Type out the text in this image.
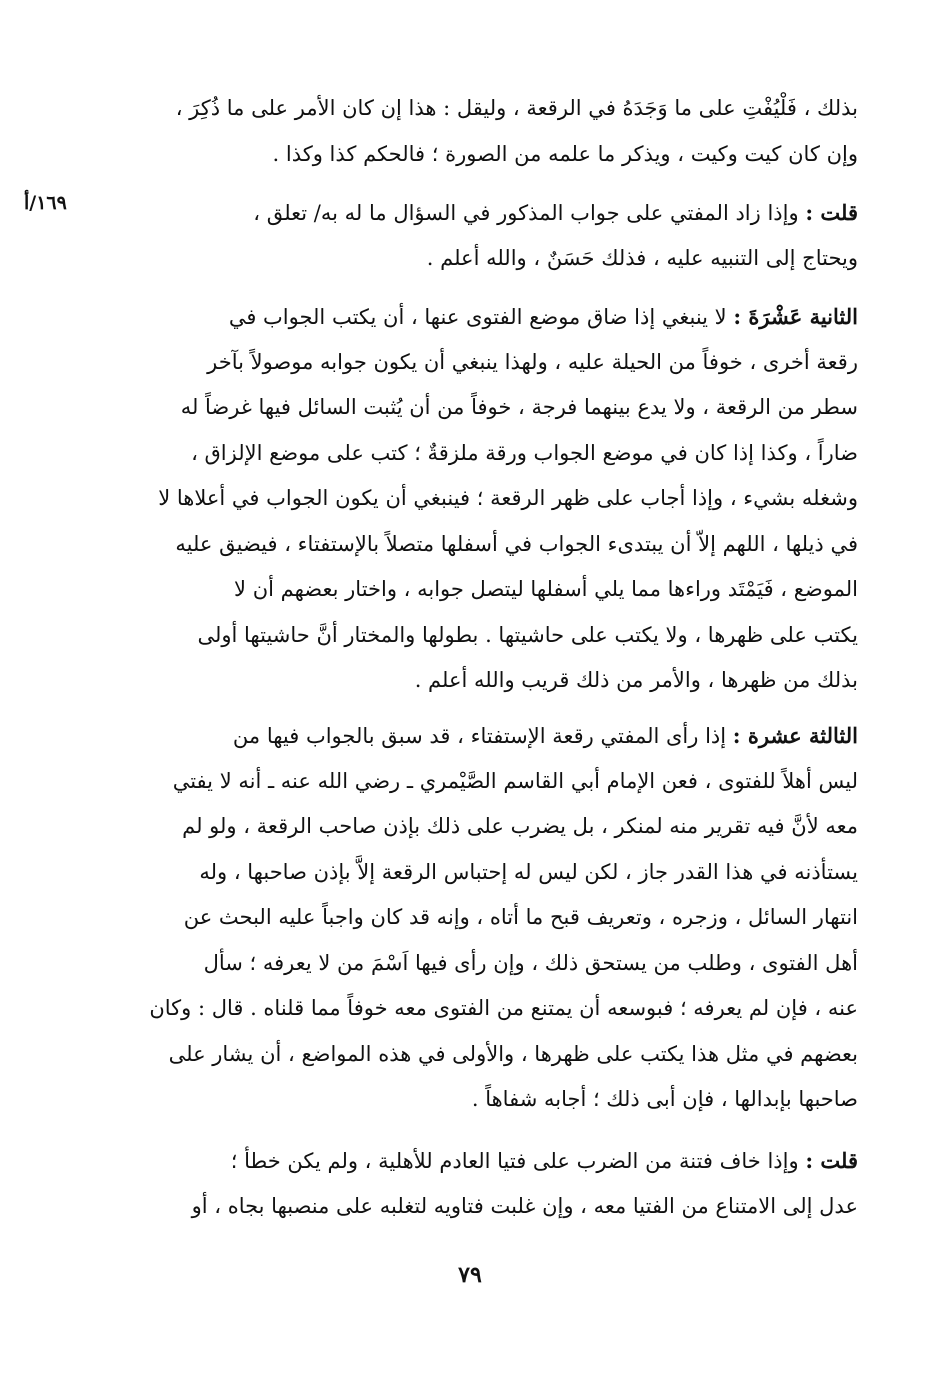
١٦٩/أ
بذلك ، فَلْيُفْتِ على ما وَجَدَهُ في الرقعة ، وليقل : هذا إن كان الأمر على ما ذُكِرَ ،
وإن كان كيت وكيت ، ويذكر ما علمه من الصورة ؛ فالحكم كذا وكذا .
قلت : وإذا زاد المفتي على جواب المذكور في السؤال ما له به/ تعلق ،
ويحتاج إلى التنبيه عليه ، فذلك حَسَنٌ ، والله أعلم .
الثانية عَشْرَةَ : لا ينبغي إذا ضاق موضع الفتوى عنها ، أن يكتب الجواب في
رقعة أخرى ، خوفاً من الحيلة عليه ، ولهذا ينبغي أن يكون جوابه موصولاً بآخر
سطر من الرقعة ، ولا يدع بينهما فرجة ، خوفاً من أن يُثبت السائل فيها غرضاً له
ضاراً ، وكذا إذا كان في موضع الجواب ورقة ملزقةٌ ؛ كتب على موضع الإلزاق ،
وشغله بشيء ، وإذا أجاب على ظهر الرقعة ؛ فينبغي أن يكون الجواب في أعلاها لا
في ذيلها ، اللهم إلاّ أن يبتدىء الجواب في أسفلها متصلاً بالإستفتاء ، فيضيق عليه
الموضع ، فَيَمْتَد وراءها مما يلي أسفلها ليتصل جوابه ، واختار بعضهم أن لا
يكتب على ظهرها ، ولا يكتب على حاشيتها . بطولها والمختار أنَّ حاشيتها أولى
بذلك من ظهرها ، والأمر من ذلك قريب والله أعلم .
الثالثة عشرة : إذا رأى المفتي رقعة الإستفتاء ، قد سبق بالجواب فيها من
ليس أهلاً للفتوى ، فعن الإمام أبي القاسم الصَّيْمري ـ رضي الله عنه ـ أنه لا يفتي
معه لأنَّ فيه تقرير منه لمنكر ، بل يضرب على ذلك بإذن صاحب الرقعة ، ولو لم
يستأذنه في هذا القدر جاز ، لكن ليس له إحتباس الرقعة إلاَّ بإذن صاحبها ، وله
انتهار السائل ، وزجره ، وتعريف قبح ما أتاه ، وإنه قد كان واجباً عليه البحث عن
أهل الفتوى ، وطلب من يستحق ذلك ، وإن رأى فيها اَسْمَ من لا يعرفه ؛ سأل
عنه ، فإن لم يعرفه ؛ فبوسعه أن يمتنع من الفتوى معه خوفاً مما قلناه . قال : وكان
بعضهم في مثل هذا يكتب على ظهرها ، والأولى في هذه المواضع ، أن يشار على
صاحبها بإبدالها ، فإن أبى ذلك ؛ أجابه شفاهاً .
قلت : وإذا خاف فتنة من الضرب على فتيا العادم للأهلية ، ولم يكن خطأ ؛
عدل إلى الامتناع من الفتيا معه ، وإن غلبت فتاويه لتغلبه على منصبها بجاه ، أو
٧٩
